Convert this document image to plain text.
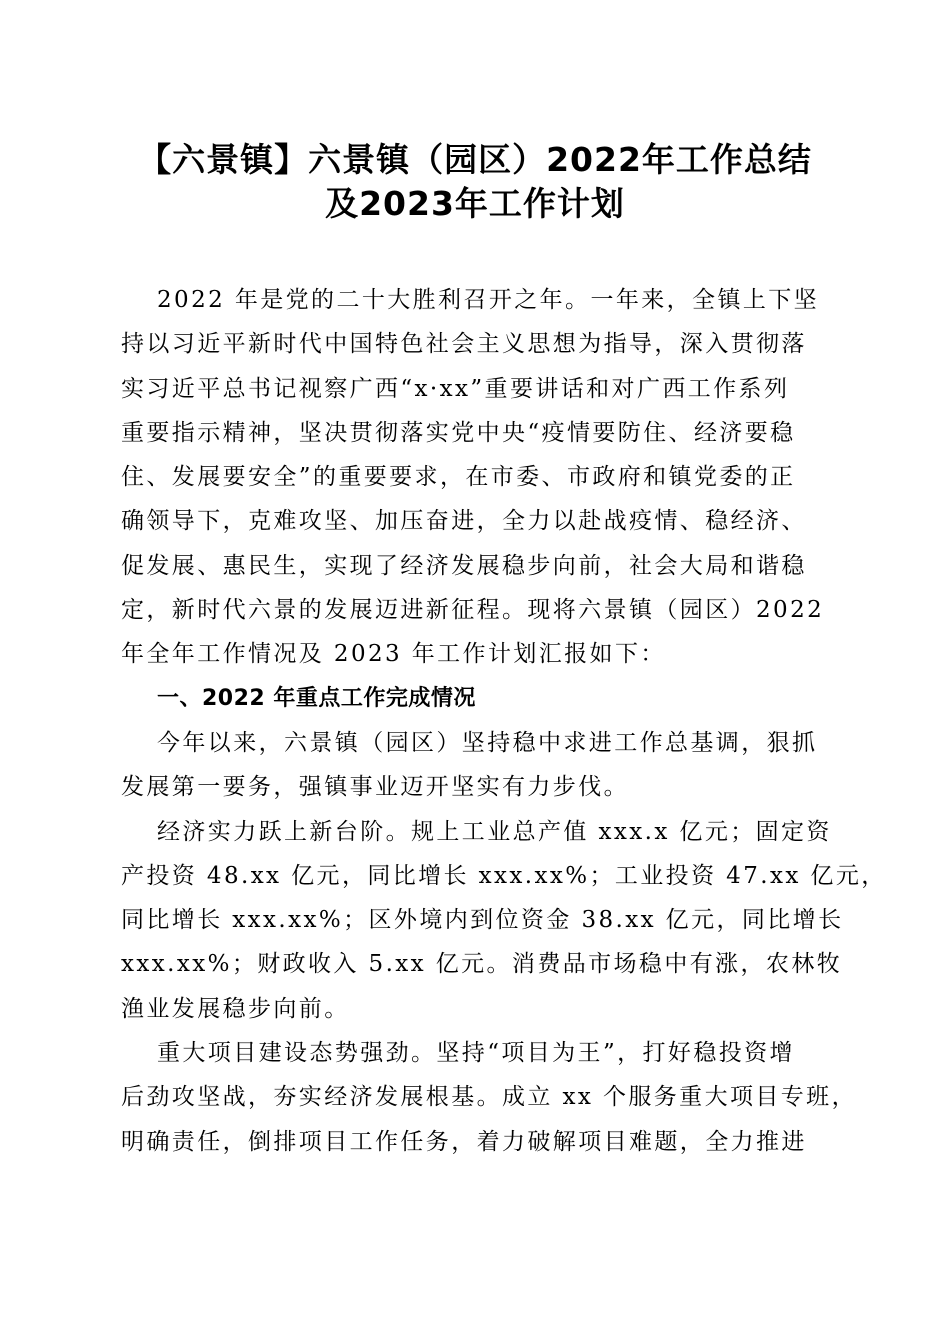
【六景镇】六景镇（园区）2022年工作总结
及2023年工作计划
2022 年是党的二十大胜利召开之年。一年来，全镇上下坚
持以习近平新时代中国特色社会主义思想为指导，深入贯彻落
实习近平总书记视察广西“x·xx”重要讲话和对广西工作系列
重要指示精神，坚决贯彻落实党中央“疫情要防住、经济要稳
住、发展要安全”的重要要求，在市委、市政府和镇党委的正
确领导下，克难攻坚、加压奋进，全力以赴战疫情、稳经济、
促发展、惠民生，实现了经济发展稳步向前，社会大局和谐稳
定，新时代六景的发展迈进新征程。现将六景镇（园区）2022
年全年工作情况及 2023 年工作计划汇报如下：
一、2022 年重点工作完成情况
今年以来，六景镇（园区）坚持稳中求进工作总基调，狠抓
发展第一要务，强镇事业迈开坚实有力步伐。
经济实力跃上新台阶。规上工业总产值 xxx.x 亿元；固定资
产投资 48.xx 亿元，同比增长 xxx.xx%；工业投资 47.xx 亿元，
同比增长 xxx.xx%；区外境内到位资金 38.xx 亿元，同比增长
xxx.xx%；财政收入 5.xx 亿元。消费品市场稳中有涨，农林牧
渔业发展稳步向前。
重大项目建设态势强劲。坚持“项目为王”，打好稳投资增
后劲攻坚战，夯实经济发展根基。成立 xx 个服务重大项目专班，
明确责任，倒排项目工作任务，着力破解项目难题，全力推进
